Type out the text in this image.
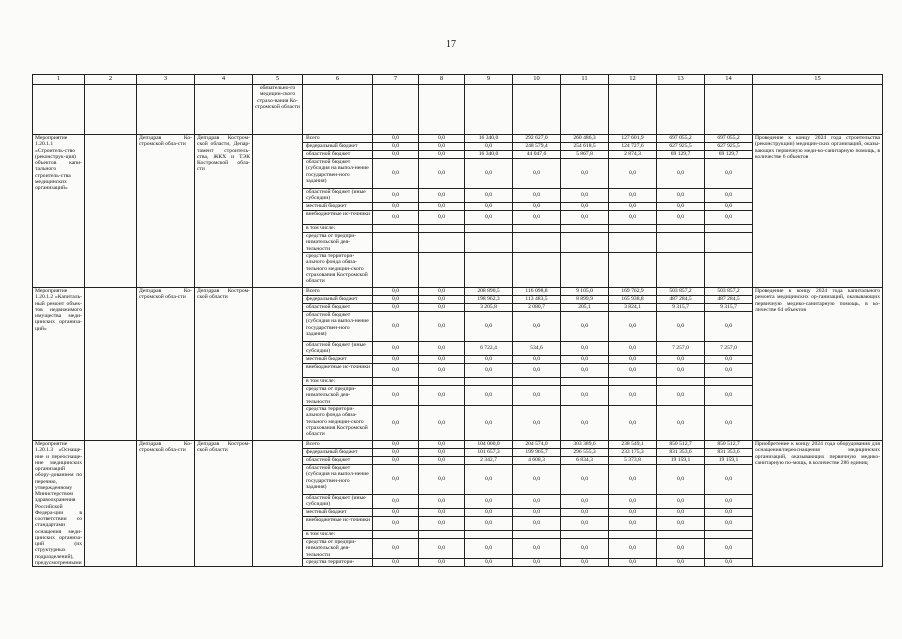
17
1	2	3	4	5	6	7	8	9	10	11	12	13	14	15
				обязательно-го медицин-ского страхо-вания Ко-стромской области										
Мероприятие 1.20.1.1 «Строитель-ство (реконструк-ция) объектов капи-тального строитель-ства медицинских организаций»		Депздрав Ко-стромской обла-сти	Депздрав Костром-ской области, Депар-тамент строитель-ства, ЖКХ и ТЭК Костромской обла-сти		Всего	0,0	0,0	16 340,0	292 627,0	260 486,3	127 601,9	697 055,2	697 055,2	Проведение к концу 2024 года строительства (реконструкции) медицин-ских организаций, оказы-вающих первичную меди-ко-санитарную помощь, в количестве 6 объектов
					федеральный бюджет	0,0	0,0	0,0	248 579,4	254 618,5	124 727,6	627 925,5	627 925,5	
					областной бюджет	0,0	0,0	16 340,0	44 047,6	5 867,8	2 874,3	69 129,7	69 129,7	
					областной бюджет (субсидия на выпол-нение государствен-ного задания)	0,0	0,0	0,0	0,0	0,0	0,0	0,0	0,0	
					областной бюджет (иные субсидии)	0,0	0,0	0,0	0,0	0,0	0,0	0,0	0,0	
					местный бюджет	0,0	0,0	0,0	0,0	0,0	0,0	0,0	0,0	
					внебюджетные ис-точники	0,0	0,0	0,0	0,0	0,0	0,0	0,0	0,0	
					в том числе:									
					средства от предпри-нимательской дея-тельности									
					средства территори-ального фонда обяза-тельного медицин-ского страхования Костромской области									
Мероприятие 1.20.1.2 «Капиталь-ный ремонт объек-тов недвижимого имущества меди-цинских организа-ций»		Депздрав Ко-стромской обла-сти	Депздрав Костром-ской области		Всего	0,0	0,0	208 890,5	116 098,8	9 105,0	169 762,9	503 857,2	503 857,2	Проведение к концу 2024 года капитального ремонта медицинских ор-ганизаций, оказывающих первичную медико-санитарную помощь, в ко-личестве 64 объектов
					федеральный бюджет	0,0	0,0	198 962,3	113 483,5	8 899,9	165 938,8	487 284,5	487 284,5	
					областной бюджет	0,0	0,0	3 205,8	2 080,7	205,1	3 824,1	9 315,7	9 315,7	
					областной бюджет (субсидия на выпол-нение государствен-ного задания)	0,0	0,0	0,0	0,0	0,0	0,0	0,0	0,0	
					областной бюджет (иные субсидии)	0,0	0,0	6 722,4	534,6	0,0	0,0	7 257,0	7 257,0	
					местный бюджет	0,0	0,0	0,0	0,0	0,0	0,0	0,0	0,0	
					внебюджетные ис-точники	0,0	0,0	0,0	0,0	0,0	0,0	0,0	0,0	
					в том числе:									
					средства от предпри-нимательской дея-тельности	0,0	0,0	0,0	0,0	0,0	0,0	0,0	0,0	
					средства территори-ального фонда обяза-тельного медицин-ского страхования Костромской области	0,0	0,0	0,0	0,0	0,0	0,0	0,0	0,0	
Мероприятие 1.20.1.3 «Оснаще-ние и переоснаще-ние медицинских организаций обору-дованием по перечню, утвержденному Министерством здравоохранения Российской Федера-ции в соответствии со стандартами оснащения меди-цинских организа-ций (их структурных подразделений), предусмотренными		Депздрав Ко-стромской обла-сти	Депздрав Костром-ской области		Всего	0,0	0,0	104 000,0	204 574,0	303 389,6	238 549,1	850 512,7	850 512,7	Приобретение к концу 2024 года оборудования для оснащения/переоснащения медицинских организаций, оказывающих первичную медико-санитарную по-мощь, в количестве 286 единиц
					федеральный бюджет	0,0	0,0	101 657,3	199 965,7	296 555,3	233 175,3	831 353,6	831 353,6	
					областной бюджет	0,0	0,0	2 342,7	4 608,3	6 834,3	5 373,8	19 159,1	19 159,1	
					областной бюджет (субсидия на выпол-нение государствен-ного задания)	0,0	0,0	0,0	0,0	0,0	0,0	0,0	0,0	
					областной бюджет (иные субсидии)	0,0	0,0	0,0	0,0	0,0	0,0	0,0	0,0	
					местный бюджет	0,0	0,0	0,0	0,0	0,0	0,0	0,0	0,0	
					внебюджетные ис-точники	0,0	0,0	0,0	0,0	0,0	0,0	0,0	0,0	
					в том числе:									
					средства от предпри-нимательской дея-тельности	0,0	0,0	0,0	0,0	0,0	0,0	0,0	0,0	
					средства территори-	0,0	0,0	0,0	0,0	0,0	0,0	0,0	0,0	
